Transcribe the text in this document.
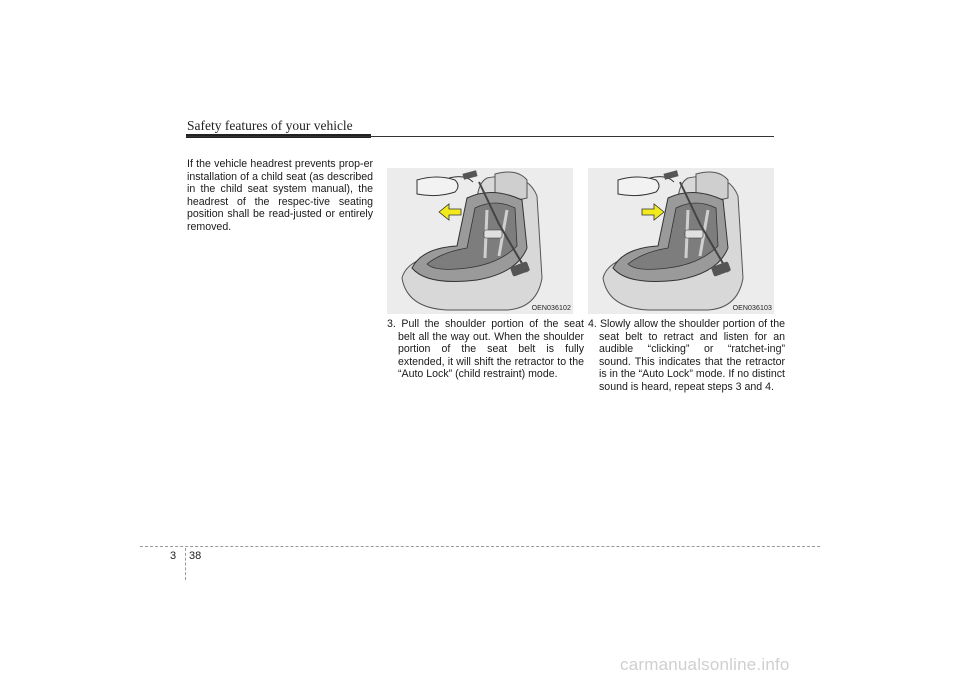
Safety features of your vehicle
If the vehicle headrest prevents prop-er installation of a child seat (as described in the child seat system manual), the headrest of the respec-tive seating position shall be read-justed or entirely removed.
OEN036102	OEN036103
3. Pull the shoulder portion of the seat belt all the way out. When the shoulder portion of the seat belt is fully extended, it will shift the retractor to the “Auto Lock” (child restraint) mode.
4. Slowly allow the shoulder portion of the seat belt to retract and listen for an audible “clicking” or “ratchet-ing” sound. This indicates that the retractor is in the “Auto Lock” mode. If no distinct sound is heard, repeat steps 3 and 4.
3 38
carmanualsonline.info
